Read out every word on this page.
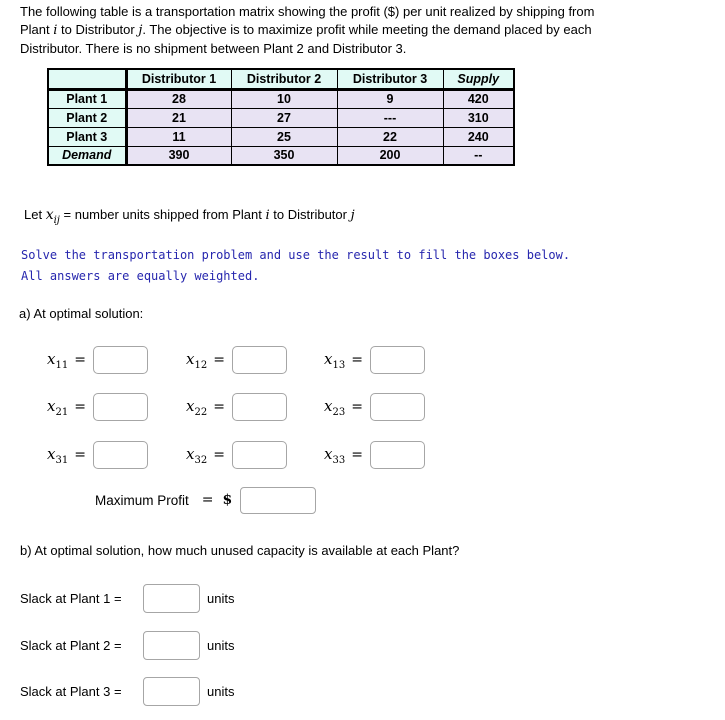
The following table is a transportation matrix showing the profit ($) per unit realized by shipping from
Plant i to Distributor j. The objective is to maximize profit while meeting the demand placed by each
Distributor. There is no shipment between Plant 2 and Distributor 3.
	Distributor 1	Distributor 2	Distributor 3	Supply
Plant 1	28	10	9	420
Plant 2	21	27	---	310
Plant 3	11	25	22	240
Demand	390	350	200	--
Let $x_{ij}$ = number units shipped from Plant i to Distributor j
Solve the transportation problem and use the result to fill the boxes below.
All answers are equally weighted.
a) At optimal solution:
$x_{11}$ =	$x_{12}$ =	$x_{13}$ =
$x_{21}$ =	$x_{22}$ =	$x_{23}$ =
$x_{31}$ =	$x_{32}$ =	$x_{33}$ =
Maximum Profit = $
b) At optimal solution, how much unused capacity is available at each Plant?
Slack at Plant 1 =	units
Slack at Plant 2 =	units
Slack at Plant 3 =	units
